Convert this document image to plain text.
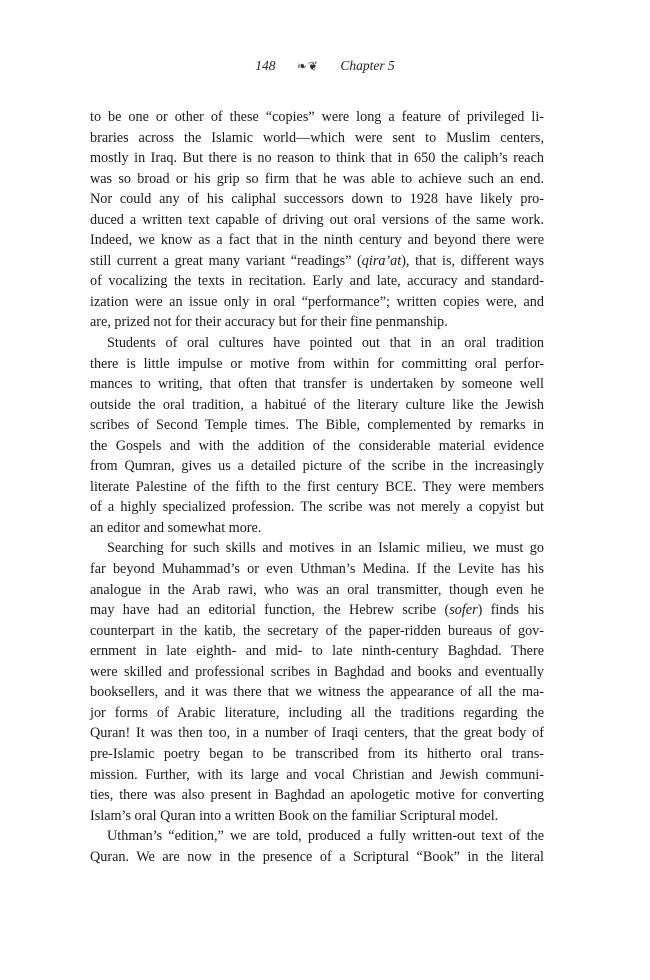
148 ❧❦ Chapter 5
to be one or other of these “copies” were long a feature of privileged li-
braries across the Islamic world—which were sent to Muslim centers,
mostly in Iraq. But there is no reason to think that in 650 the caliph’s reach
was so broad or his grip so firm that he was able to achieve such an end.
Nor could any of his caliphal successors down to 1928 have likely pro-
duced a written text capable of driving out oral versions of the same work.
Indeed, we know as a fact that in the ninth century and beyond there were
still current a great many variant “readings” (qira’at), that is, different ways
of vocalizing the texts in recitation. Early and late, accuracy and standard-
ization were an issue only in oral “performance”; written copies were, and
are, prized not for their accuracy but for their fine penmanship.
Students of oral cultures have pointed out that in an oral tradition
there is little impulse or motive from within for committing oral perfor-
mances to writing, that often that transfer is undertaken by someone well
outside the oral tradition, a habitué of the literary culture like the Jewish
scribes of Second Temple times. The Bible, complemented by remarks in
the Gospels and with the addition of the considerable material evidence
from Qumran, gives us a detailed picture of the scribe in the increasingly
literate Palestine of the fifth to the first century BCE. They were members
of a highly specialized profession. The scribe was not merely a copyist but
an editor and somewhat more.
Searching for such skills and motives in an Islamic milieu, we must go
far beyond Muhammad’s or even Uthman’s Medina. If the Levite has his
analogue in the Arab rawi, who was an oral transmitter, though even he
may have had an editorial function, the Hebrew scribe (sofer) finds his
counterpart in the katib, the secretary of the paper-ridden bureaus of gov-
ernment in late eighth- and mid- to late ninth-century Baghdad. There
were skilled and professional scribes in Baghdad and books and eventually
booksellers, and it was there that we witness the appearance of all the ma-
jor forms of Arabic literature, including all the traditions regarding the
Quran! It was then too, in a number of Iraqi centers, that the great body of
pre-Islamic poetry began to be transcribed from its hitherto oral trans-
mission. Further, with its large and vocal Christian and Jewish communi-
ties, there was also present in Baghdad an apologetic motive for converting
Islam’s oral Quran into a written Book on the familiar Scriptural model.
Uthman’s “edition,” we are told, produced a fully written-out text of the
Quran. We are now in the presence of a Scriptural “Book” in the literal
